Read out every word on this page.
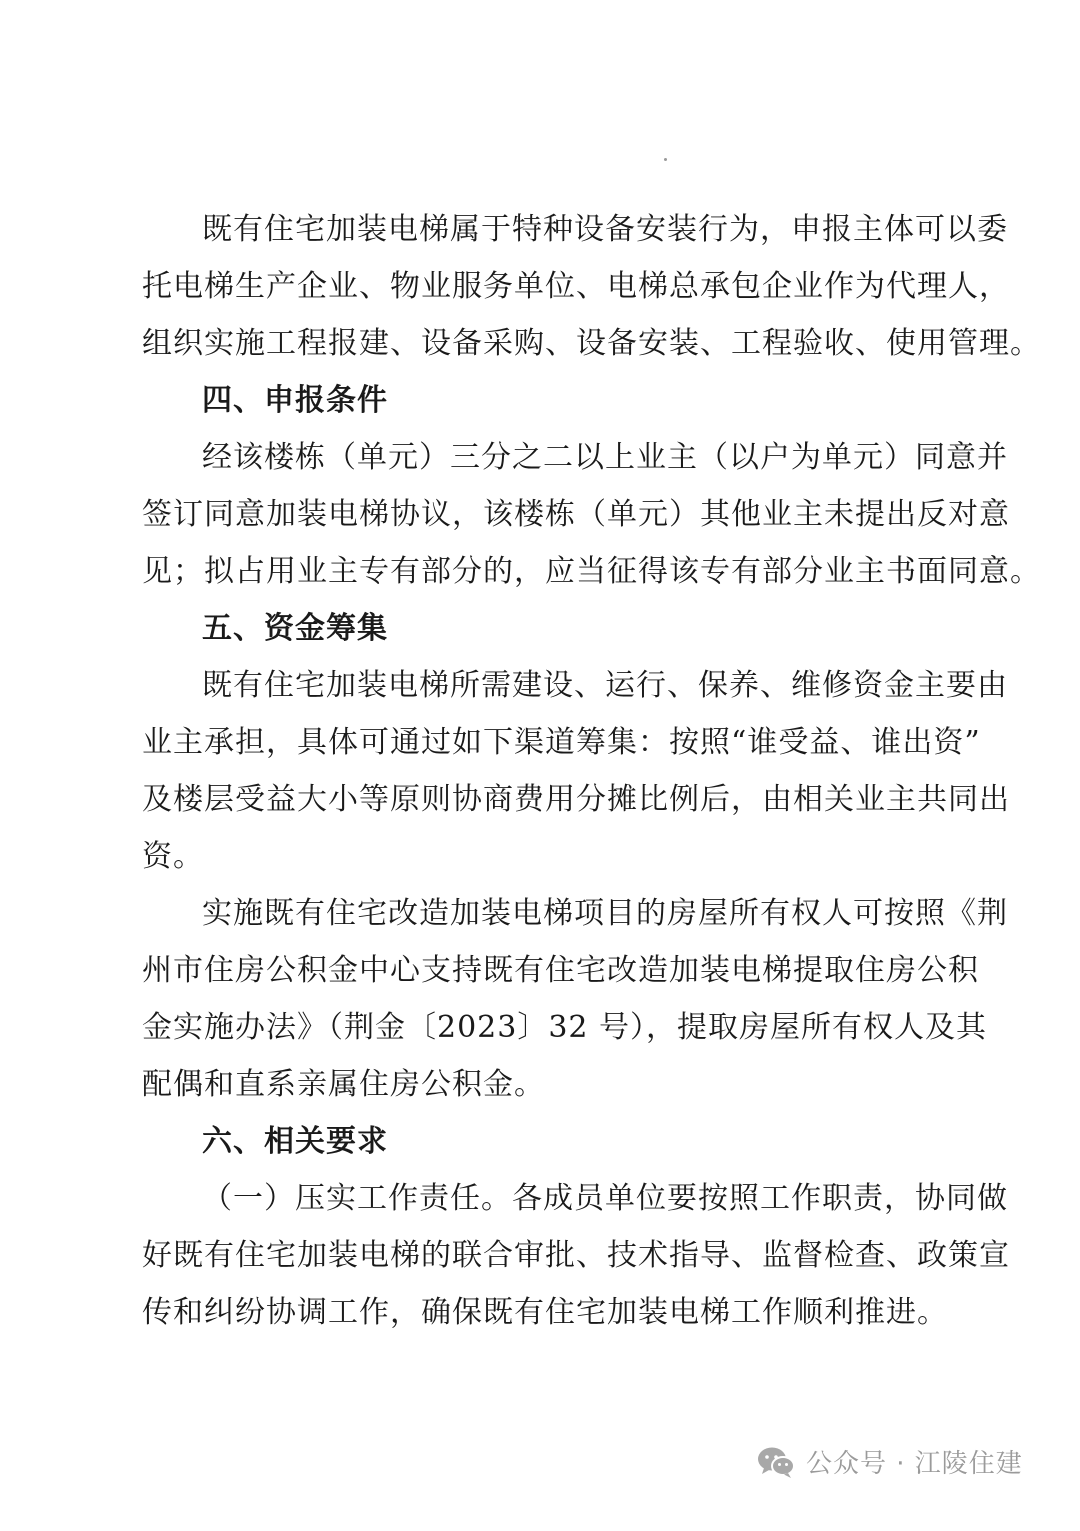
既有住宅加装电梯属于特种设备安装行为，申报主体可以委
托电梯生产企业、物业服务单位、电梯总承包企业作为代理人，
组织实施工程报建、设备采购、设备安装、工程验收、使用管理。
四、申报条件
经该楼栋（单元）三分之二以上业主（以户为单元）同意并
签订同意加装电梯协议，该楼栋（单元）其他业主未提出反对意
见；拟占用业主专有部分的，应当征得该专有部分业主书面同意。
五、资金筹集
既有住宅加装电梯所需建设、运行、保养、维修资金主要由
业主承担，具体可通过如下渠道筹集：按照“谁受益、谁出资”
及楼层受益大小等原则协商费用分摊比例后，由相关业主共同出
资。
实施既有住宅改造加装电梯项目的房屋所有权人可按照《荆
州市住房公积金中心支持既有住宅改造加装电梯提取住房公积
金实施办法》（荆金〔2023〕32 号），提取房屋所有权人及其
配偶和直系亲属住房公积金。
六、相关要求
（一）压实工作责任。各成员单位要按照工作职责，协同做
好既有住宅加装电梯的联合审批、技术指导、监督检查、政策宣
传和纠纷协调工作，确保既有住宅加装电梯工作顺利推进。
公众号 · 江陵住建
